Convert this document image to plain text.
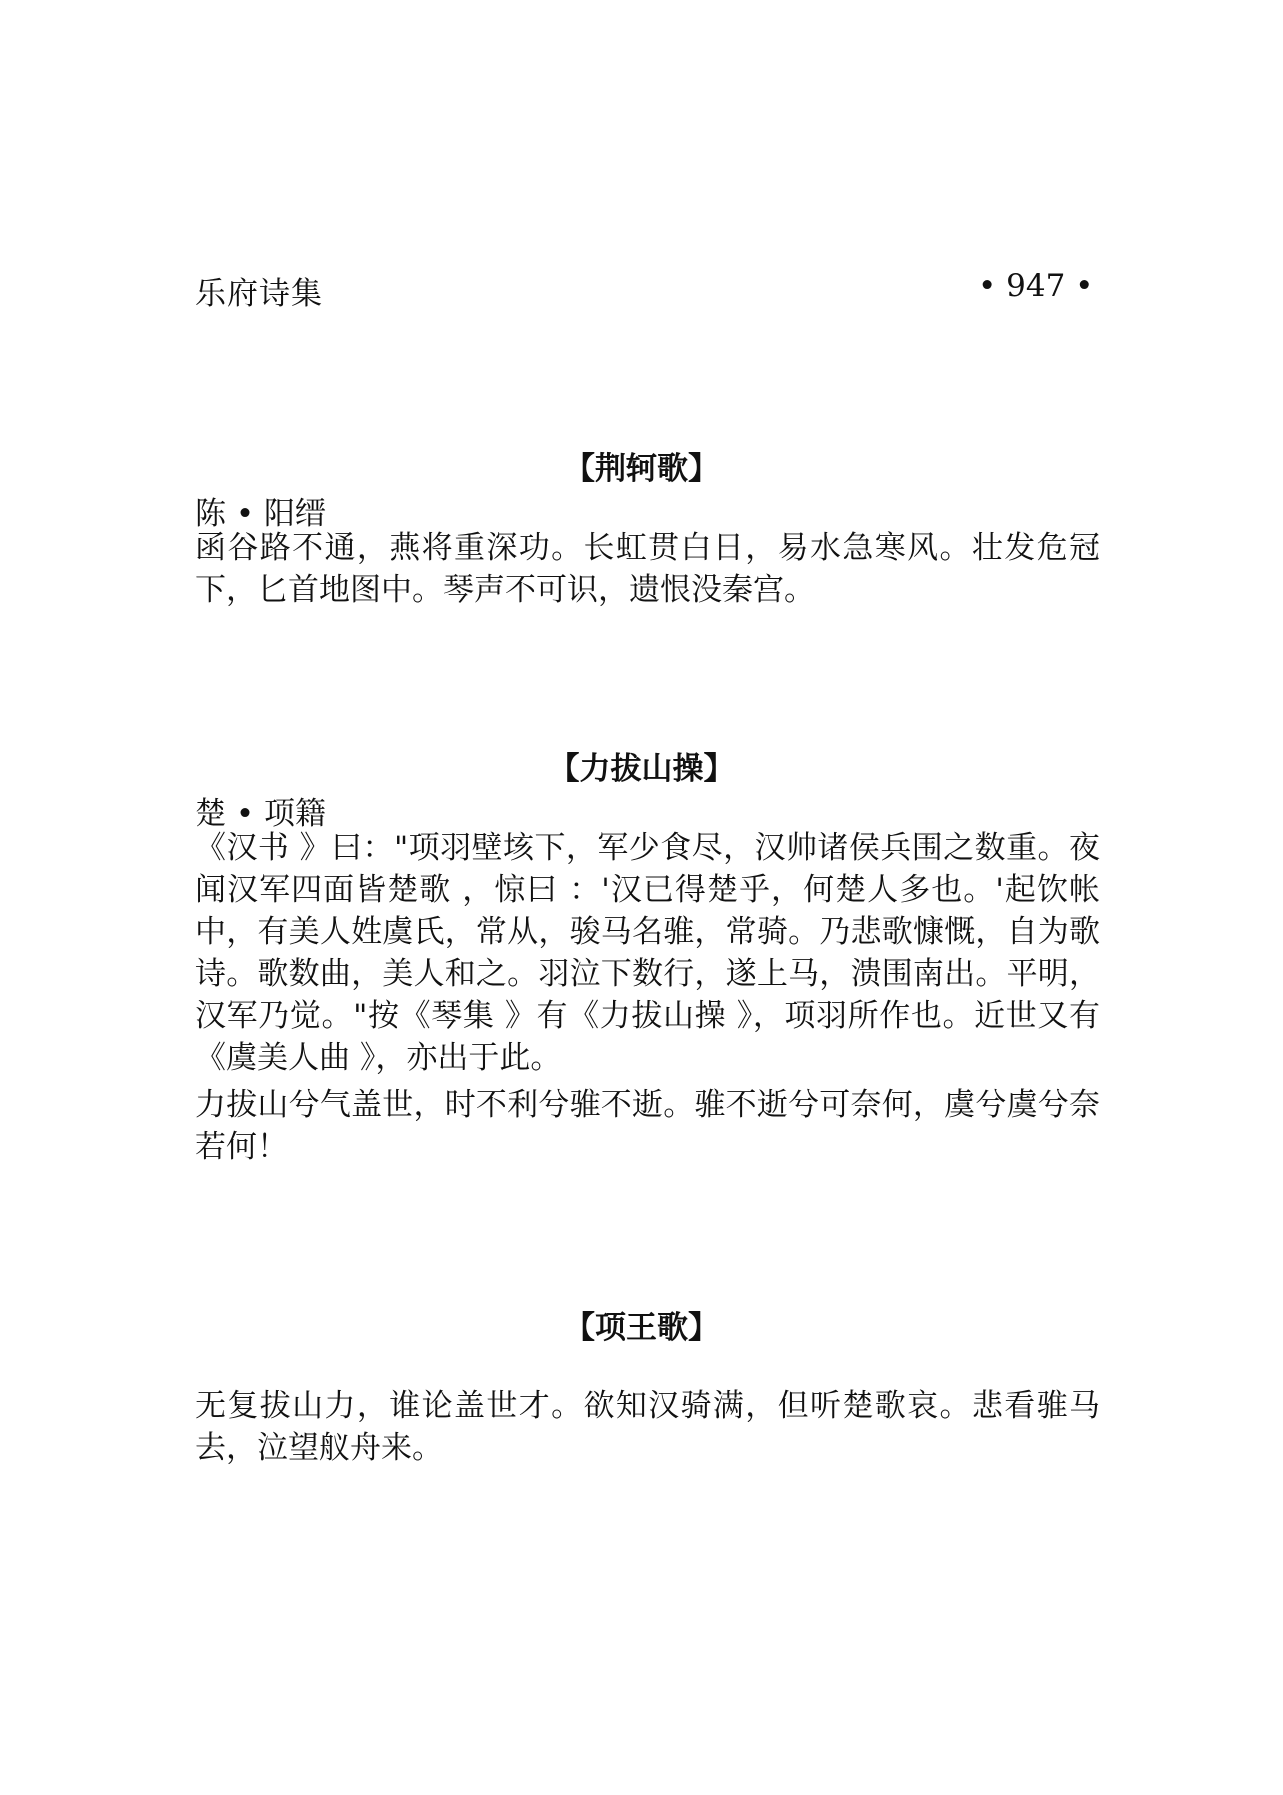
乐府诗集	• 947 •
【荆轲歌】
陈 • 阳缙
函谷路不通，燕将重深功。长虹贯白日，易水急寒风。壮发危冠下，匕首地图中。琴声不可识，遗恨没秦宫。
【力拔山操】
楚 • 项籍
《汉书 》曰："项羽壁垓下，军少食尽，汉帅诸侯兵围之数重。夜闻汉军四面皆楚歌 ，惊曰 ：'汉已得楚乎，何楚人多也。'起饮帐中，有美人姓虞氏，常从，骏马名骓，常骑。乃悲歌慷慨，自为歌诗。歌数曲，美人和之。羽泣下数行，遂上马，溃围南出。平明，汉军乃觉。"按《琴集 》有《力拔山操 》，项羽所作也。近世又有《虞美人曲 》，亦出于此。
力拔山兮气盖世，时不利兮骓不逝。骓不逝兮可奈何，虞兮虞兮奈若何！
【项王歌】
无复拔山力，谁论盖世才。欲知汉骑满，但听楚歌哀。悲看骓马去，泣望舣舟来。
